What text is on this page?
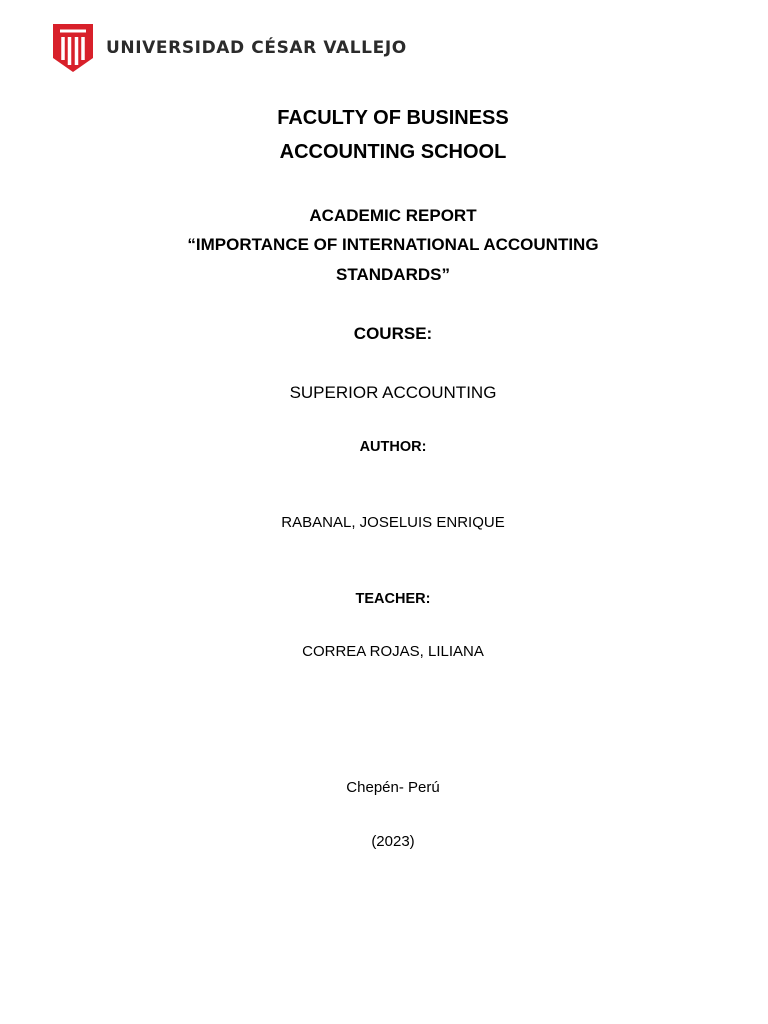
UNIVERSIDAD CÉSAR VALLEJO
FACULTY OF BUSINESS
ACCOUNTING SCHOOL
ACADEMIC REPORT
“IMPORTANCE OF INTERNATIONAL ACCOUNTING
STANDARDS”
COURSE:
SUPERIOR ACCOUNTING
AUTHOR:
RABANAL, JOSELUIS ENRIQUE
TEACHER:
CORREA ROJAS, LILIANA
Chepén- Perú
(2023)
